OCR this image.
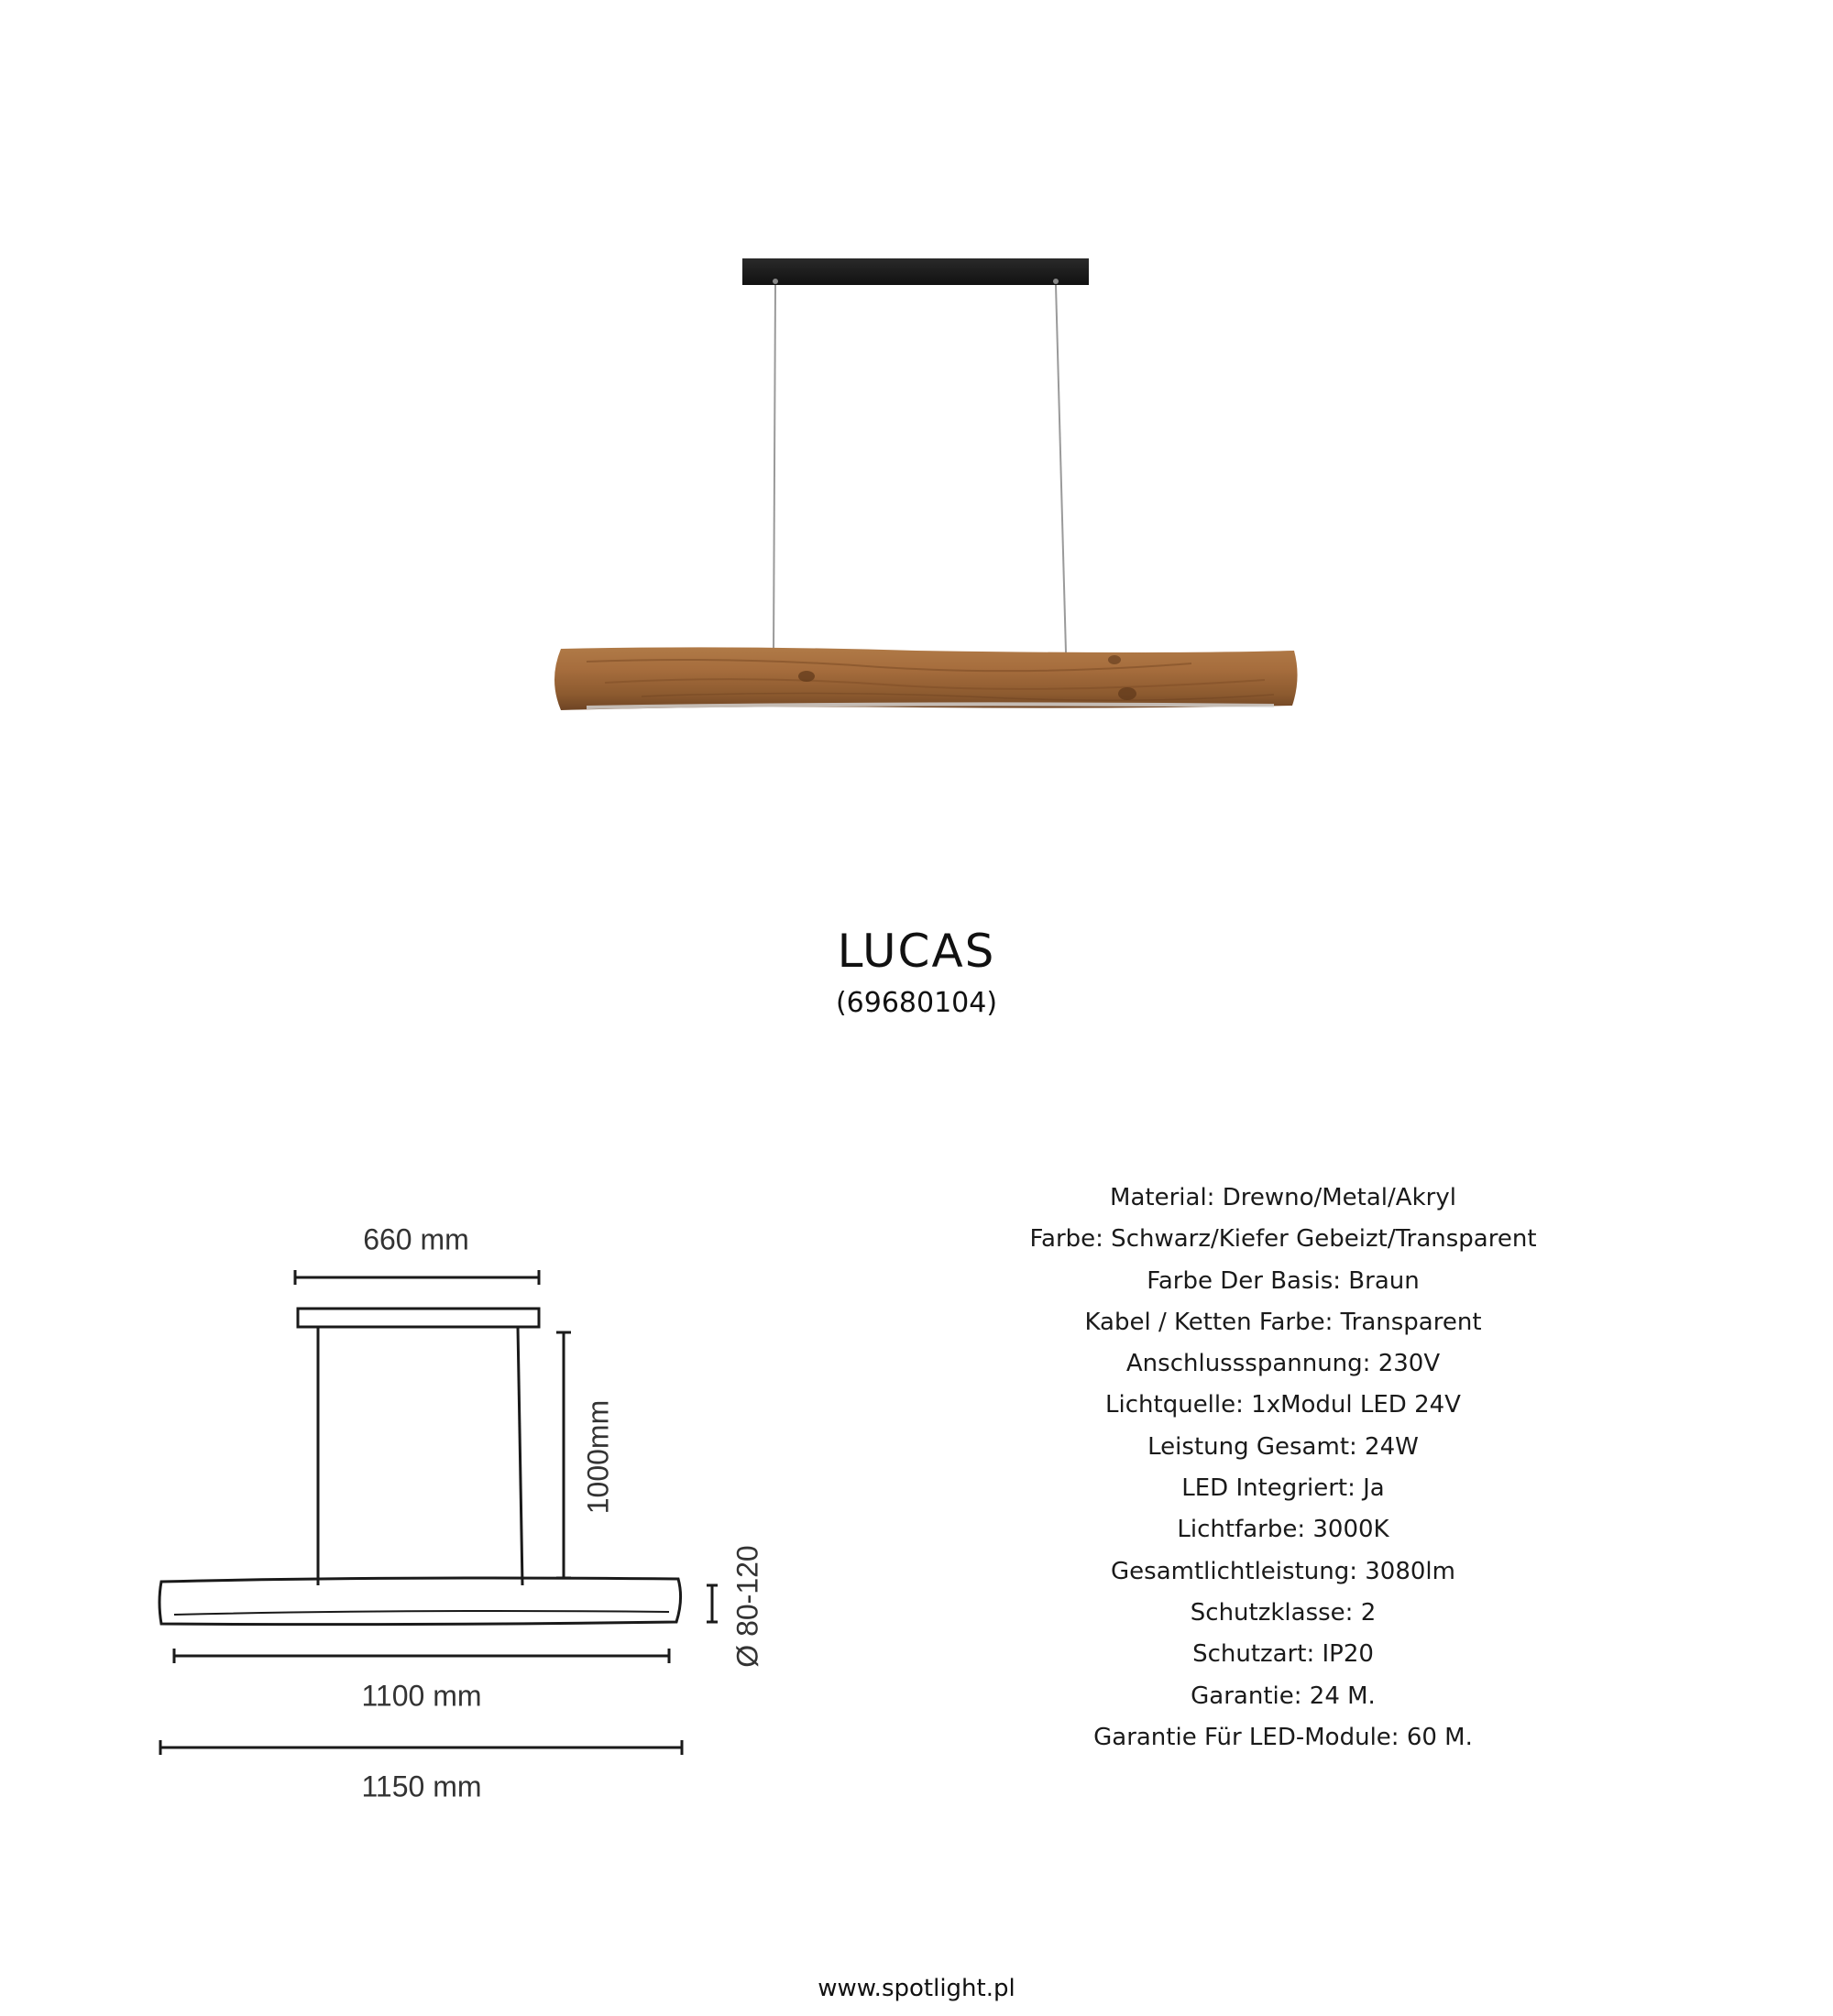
LUCAS
(69680104)
660 mm
1000mm
Ø 80-120
1100 mm
1150 mm
Material: Drewno/Metal/Akryl
Farbe: Schwarz/Kiefer Gebeizt/Transparent
Farbe Der Basis: Braun
Kabel / Ketten Farbe: Transparent
Anschlussspannung: 230V
Lichtquelle: 1xModul LED 24V
Leistung Gesamt: 24W
LED Integriert: Ja
Lichtfarbe: 3000K
Gesamtlichtleistung: 3080lm
Schutzklasse: 2
Schutzart: IP20
Garantie: 24 M.
Garantie Für LED-Module: 60 M.
www.spotlight.pl
